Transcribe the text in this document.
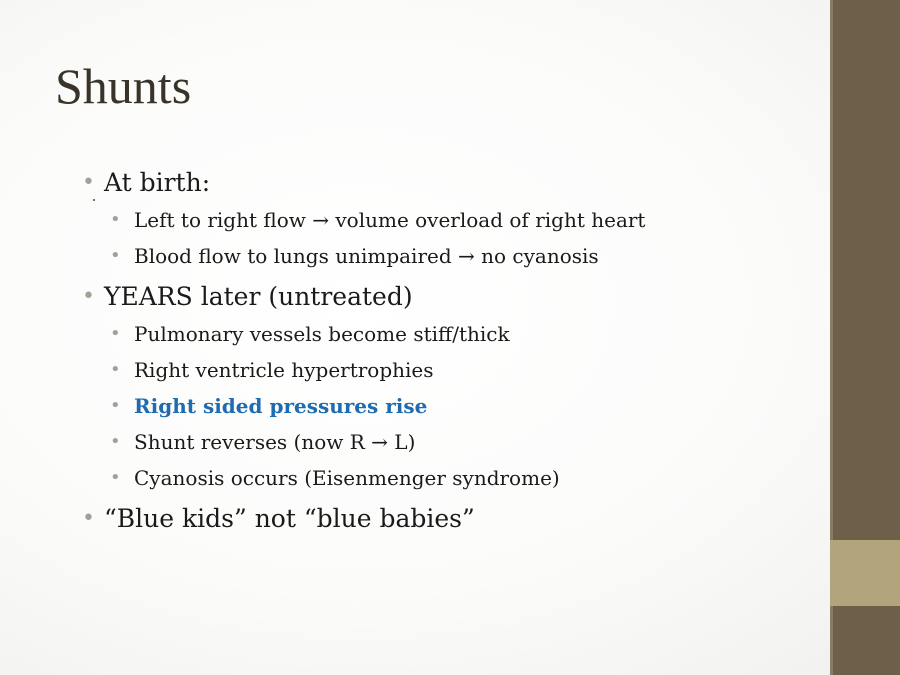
Shunts
• At birth:
• Left to right flow → volume overload of right heart
• Blood flow to lungs unimpaired → no cyanosis
• YEARS later (untreated)
• Pulmonary vessels become stiff/thick
• Right ventricle hypertrophies
• Right sided pressures rise
• Shunt reverses (now R → L)
• Cyanosis occurs (Eisenmenger syndrome)
• “Blue kids” not “blue babies”
